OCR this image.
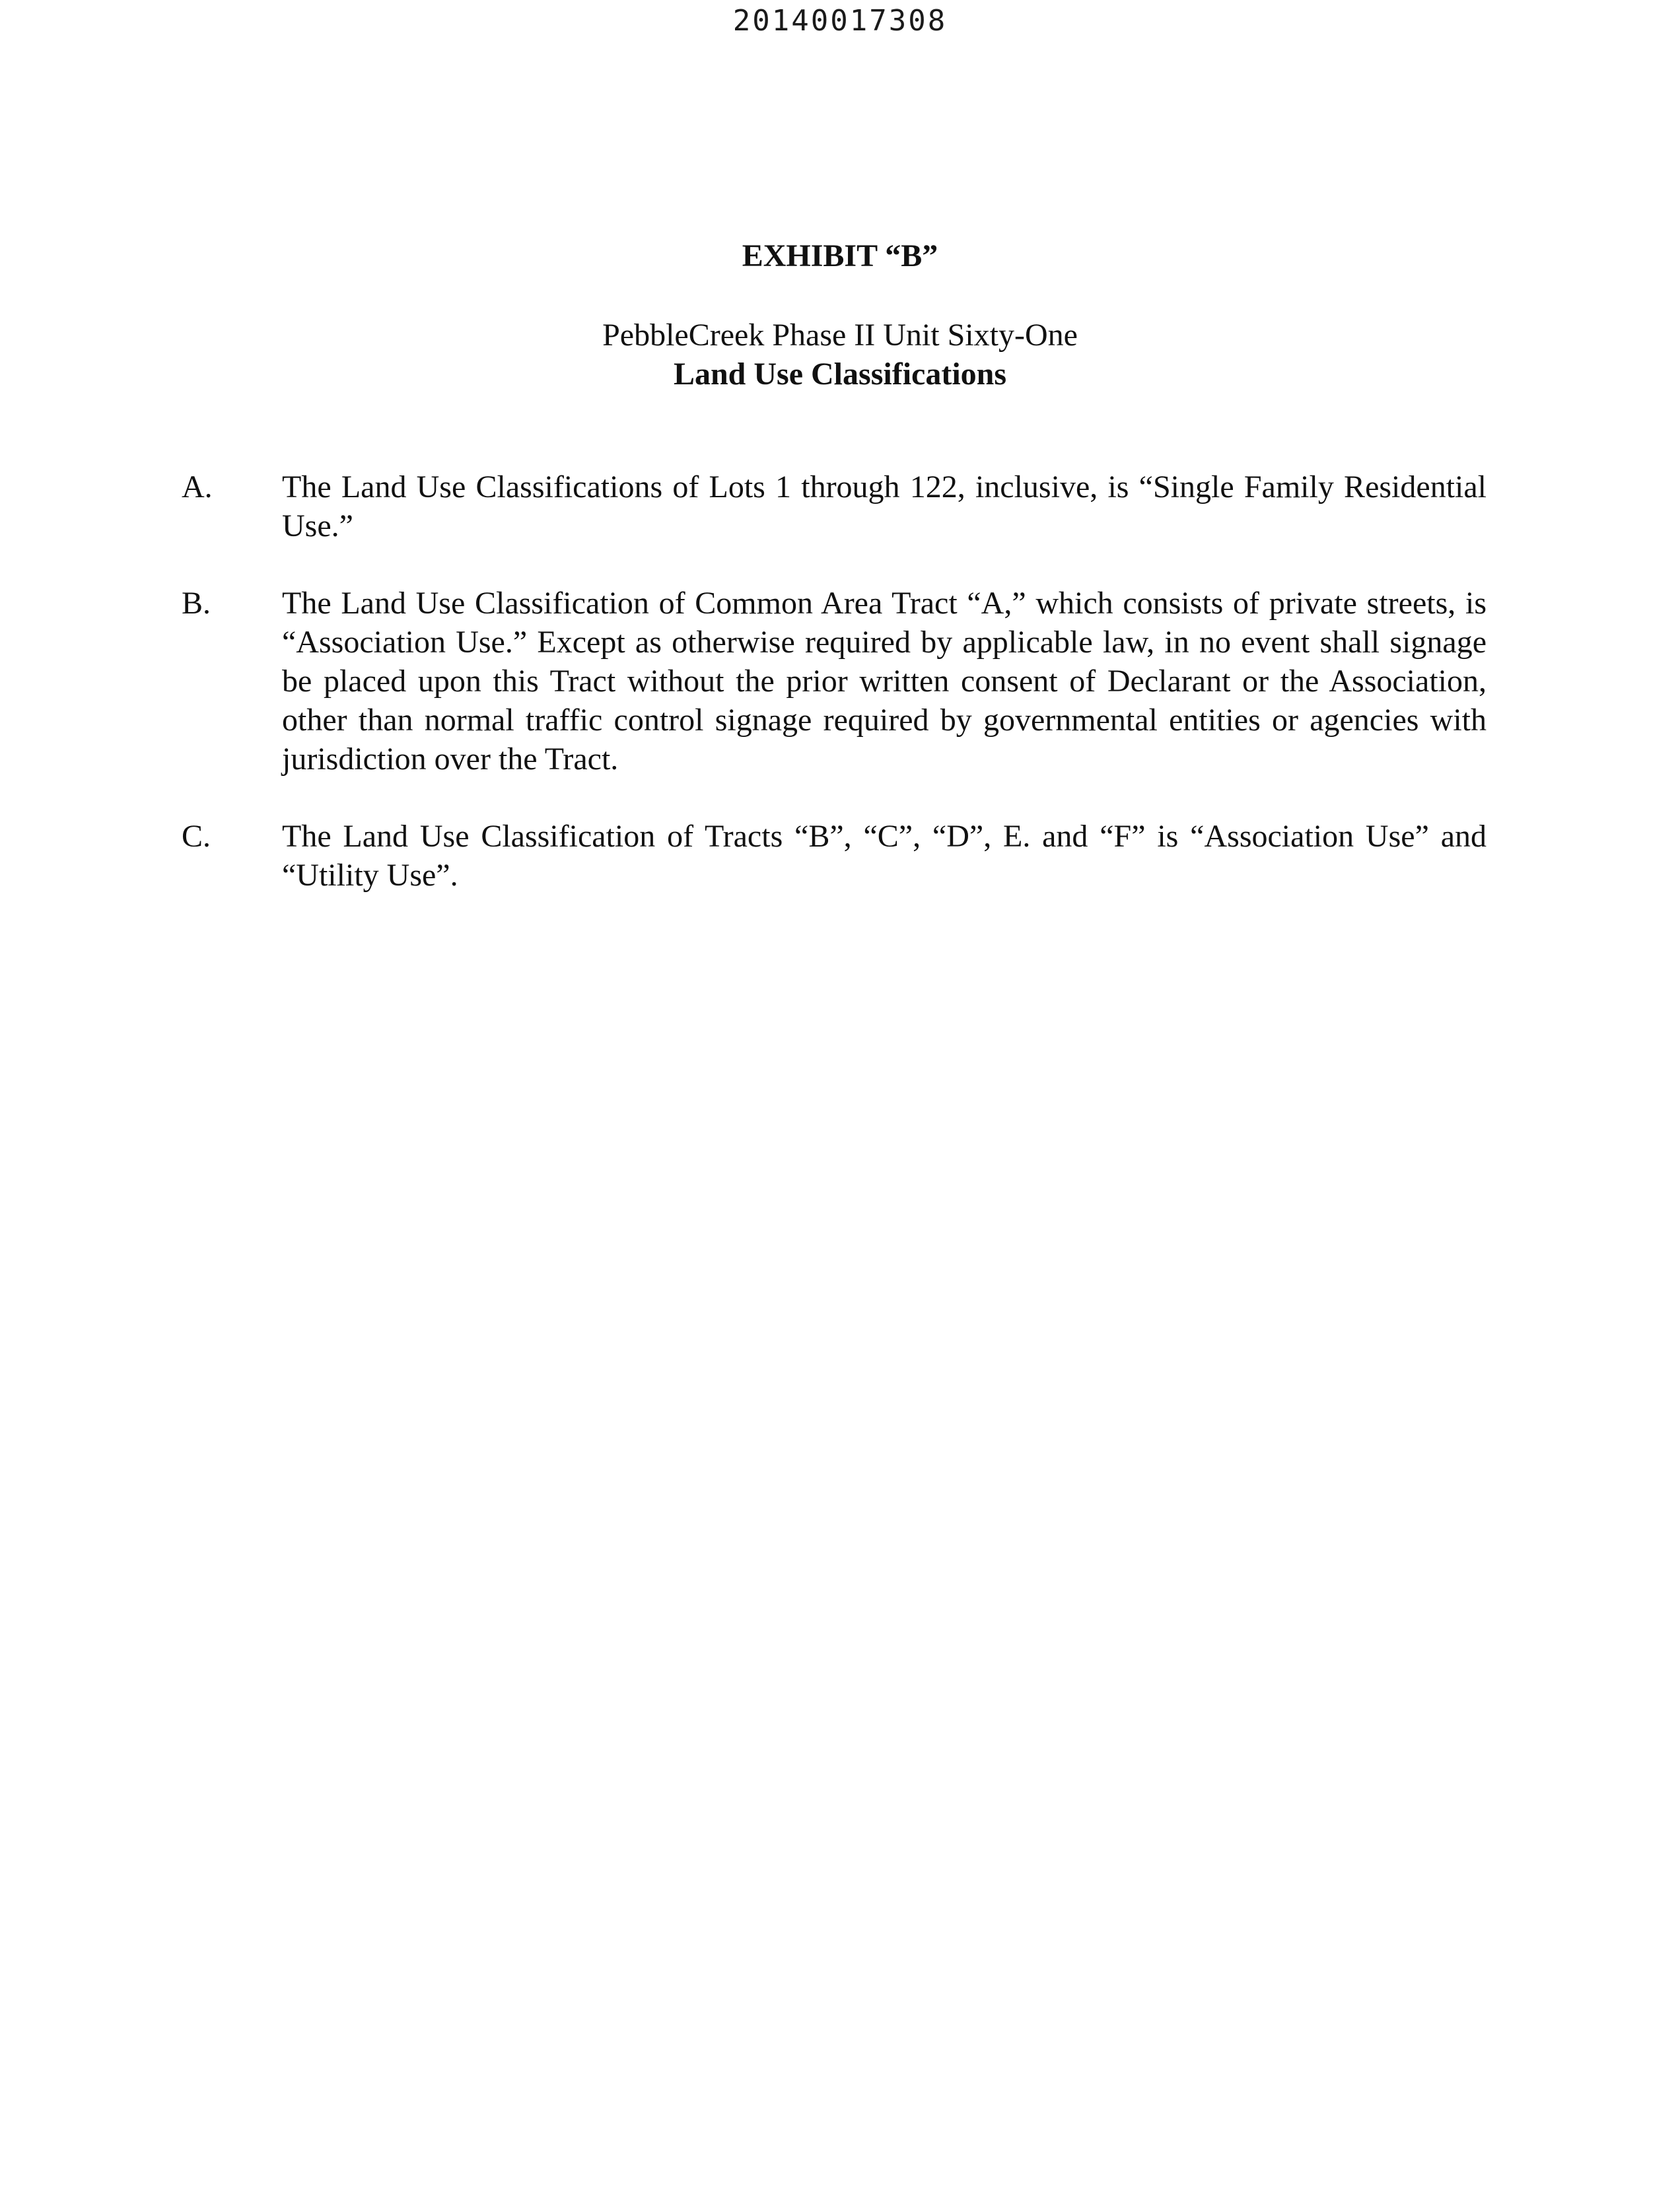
20140017308

EXHIBIT “B”

PebbleCreek Phase II Unit Sixty-One

Land Use Classifications

A.	The Land Use Classifications of Lots 1 through 122, inclusive, is “Single Family Residential Use.”
B.	The Land Use Classification of Common Area Tract “A,” which consists of private streets, is “Association Use.” Except as otherwise required by applicable law, in no event shall signage be placed upon this Tract without the prior written consent of Declarant or the Association, other than normal traffic control signage required by governmental entities or agencies with jurisdiction over the Tract.
C.	The Land Use Classification of Tracts “B”, “C”, “D”, E. and “F” is “Association Use” and “Utility Use”.
